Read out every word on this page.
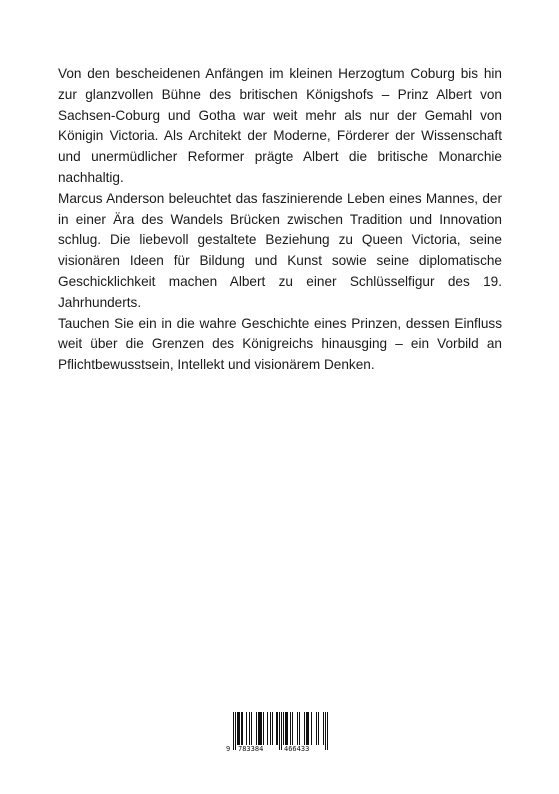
Von den bescheidenen Anfängen im kleinen Herzogtum Coburg bis hin zur glanzvollen Bühne des britischen Königshofs – Prinz Albert von Sachsen-Coburg und Gotha war weit mehr als nur der Gemahl von Königin Victoria. Als Architekt der Moderne, Förderer der Wissenschaft und unermüdlicher Reformer prägte Albert die britische Monarchie nachhaltig.

Marcus Anderson beleuchtet das faszinierende Leben eines Mannes, der in einer Ära des Wandels Brücken zwischen Tradition und Innovation schlug. Die liebevoll gestaltete Beziehung zu Queen Victoria, seine visionären Ideen für Bildung und Kunst sowie seine diplomatische Geschicklichkeit machen Albert zu einer Schlüsselfigur des 19. Jahrhunderts.

Tauchen Sie ein in die wahre Geschichte eines Prinzen, dessen Einfluss weit über die Grenzen des Königreichs hinausging – ein Vorbild an Pflichtbewusstsein, Intellekt und visionärem Denken.

9 783384	466433
